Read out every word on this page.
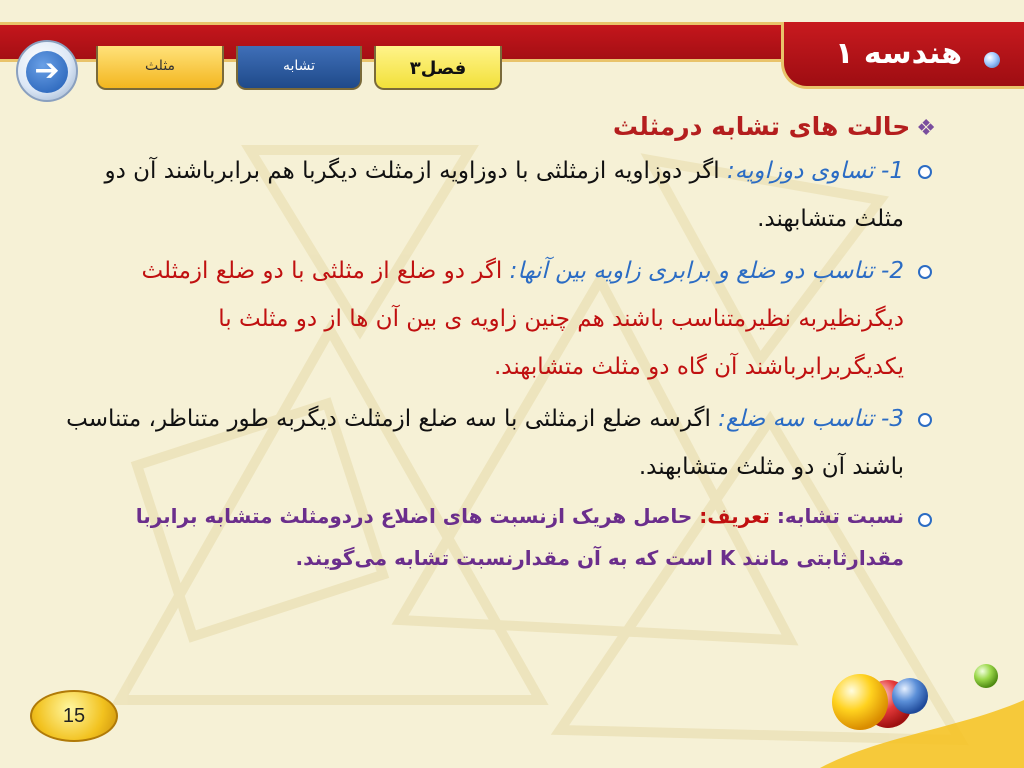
هندسه ۱
مثلث	تشابه	فصل۳
➔
❖حالت های تشابه درمثلث
1- تساوی دوزاویه: اگر دوزاویه ازمثلثی با دوزاویه ازمثلث دیگربا هم برابرباشند آن دو مثلث متشابهند.
2- تناسب دو ضلع و برابری زاویه بین آنها: اگر دو ضلع از مثلثی با دو ضلع ازمثلث دیگرنظیربه نظیرمتناسب باشند هم چنین زاویه ی بین آن ها از دو مثلث با یکدیگربرابرباشند آن گاه دو مثلث متشابهند.
3- تناسب سه ضلع: اگرسه ضلع ازمثلثی با سه ضلع ازمثلث دیگربه طور متناظر، متناسب باشند آن دو مثلث متشابهند.
نسبت تشابه: تعریف: حاصل هریک ازنسبت های اضلاع دردومثلث متشابه برابربا مقدارثابتی مانند K است که به آن مقدارنسبت تشابه می‌گویند.
15
